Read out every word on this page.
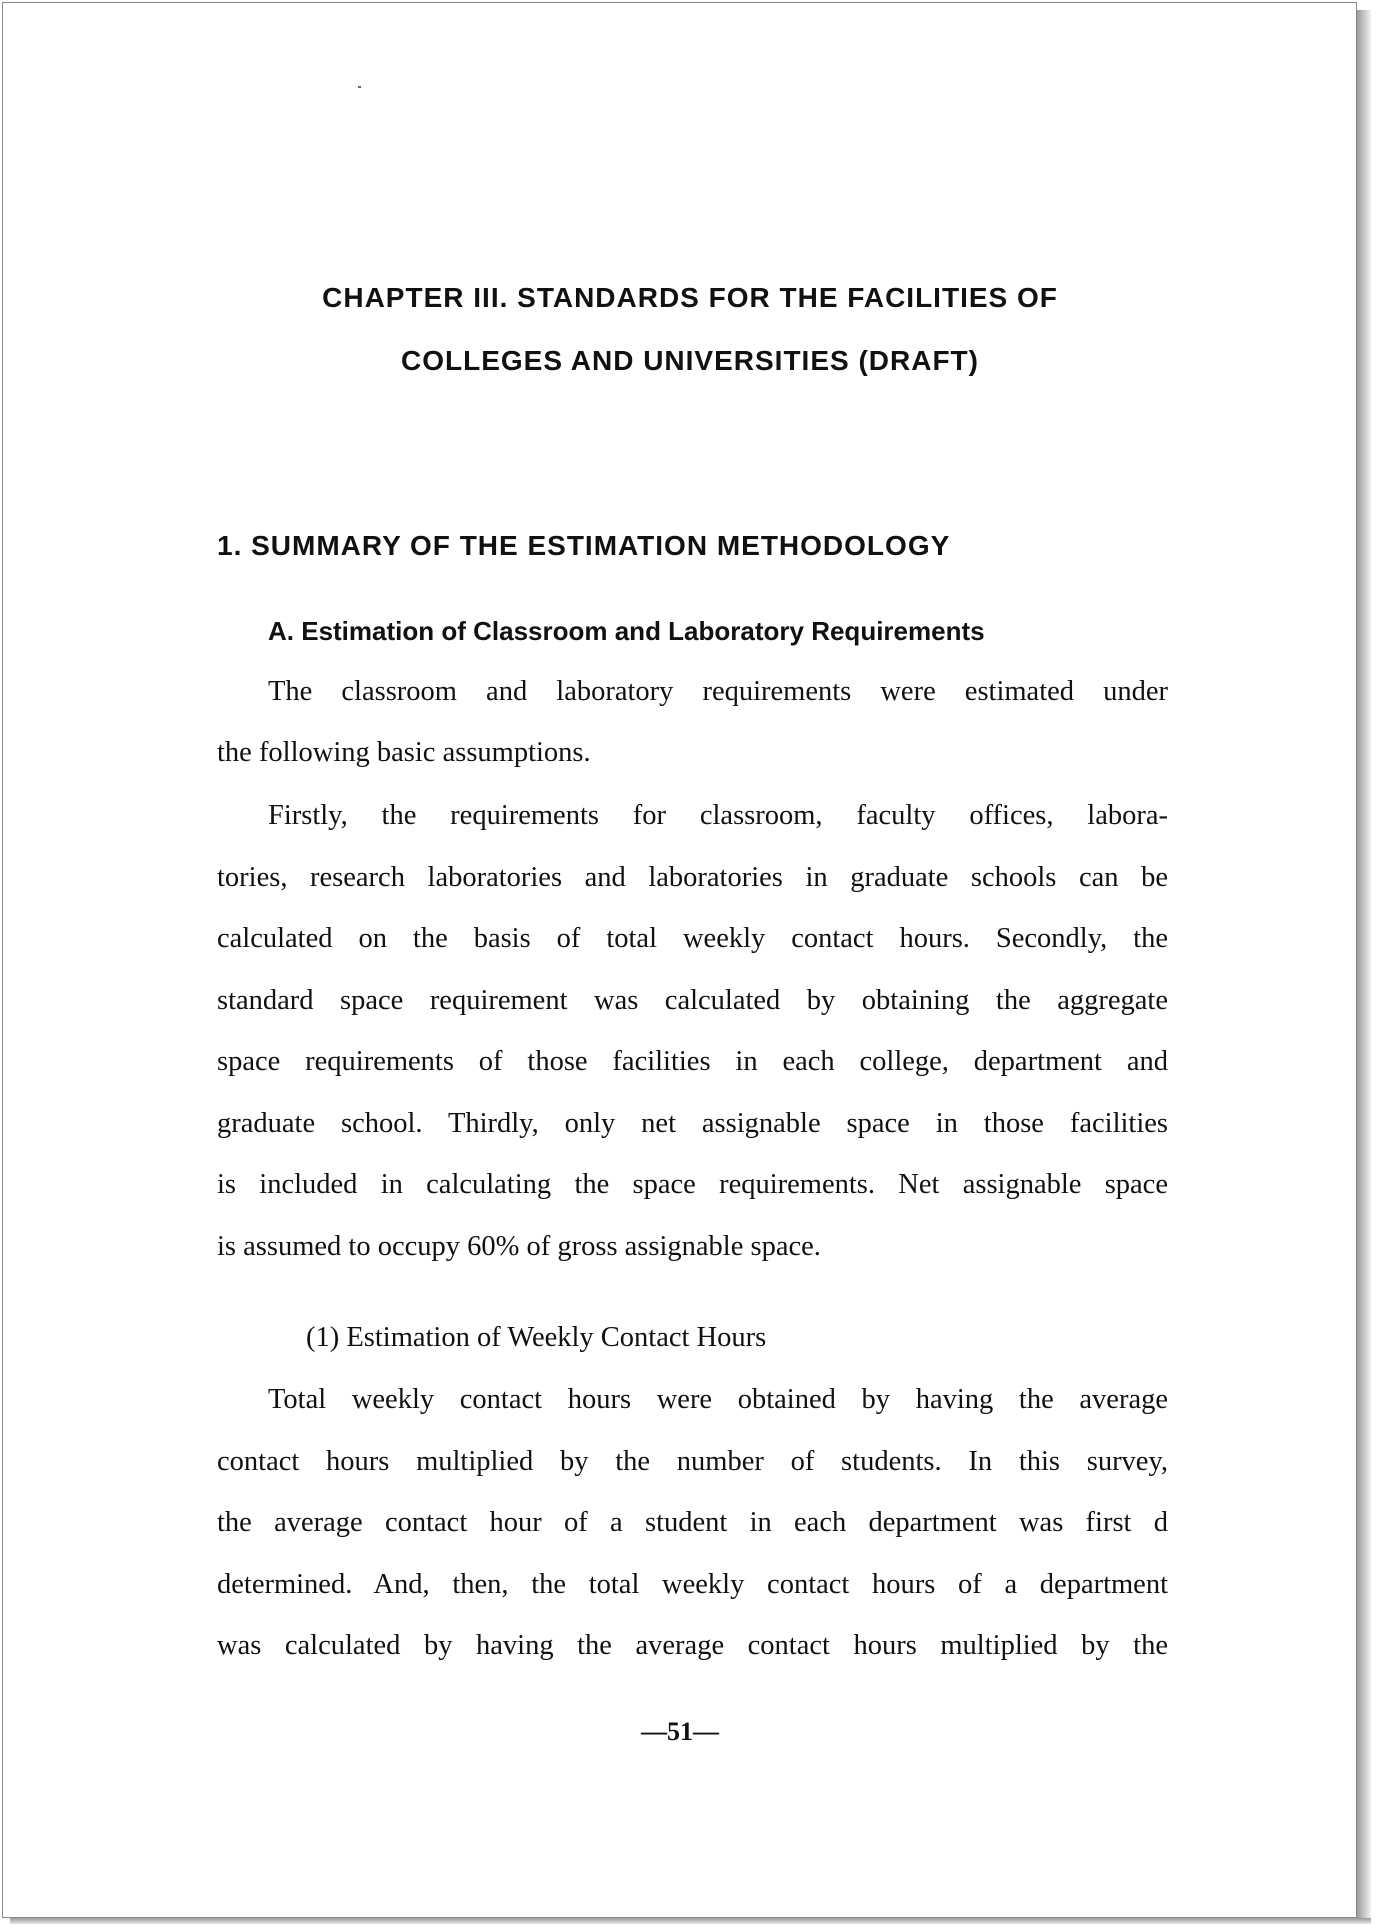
CHAPTER III. STANDARDS FOR THE FACILITIES OF
COLLEGES AND UNIVERSITIES (DRAFT)
1. SUMMARY OF THE ESTIMATION METHODOLOGY
A. Estimation of Classroom and Laboratory Requirements
The classroom and laboratory requirements were estimated under
the following basic assumptions.
Firstly, the requirements for classroom, faculty offices, labora-
tories, research laboratories and laboratories in graduate schools can be
calculated on the basis of total weekly contact hours. Secondly, the
standard space requirement was calculated by obtaining the aggregate
space requirements of those facilities in each college, department and
graduate school. Thirdly, only net assignable space in those facilities
is included in calculating the space requirements. Net assignable space
is assumed to occupy 60% of gross assignable space.
(1) Estimation of Weekly Contact Hours
Total weekly contact hours were obtained by having the average
contact hours multiplied by the number of students. In this survey,
the average contact hour of a student in each department was first d
determined. And, then, the total weekly contact hours of a department
was calculated by having the average contact hours multiplied by the
—51—
